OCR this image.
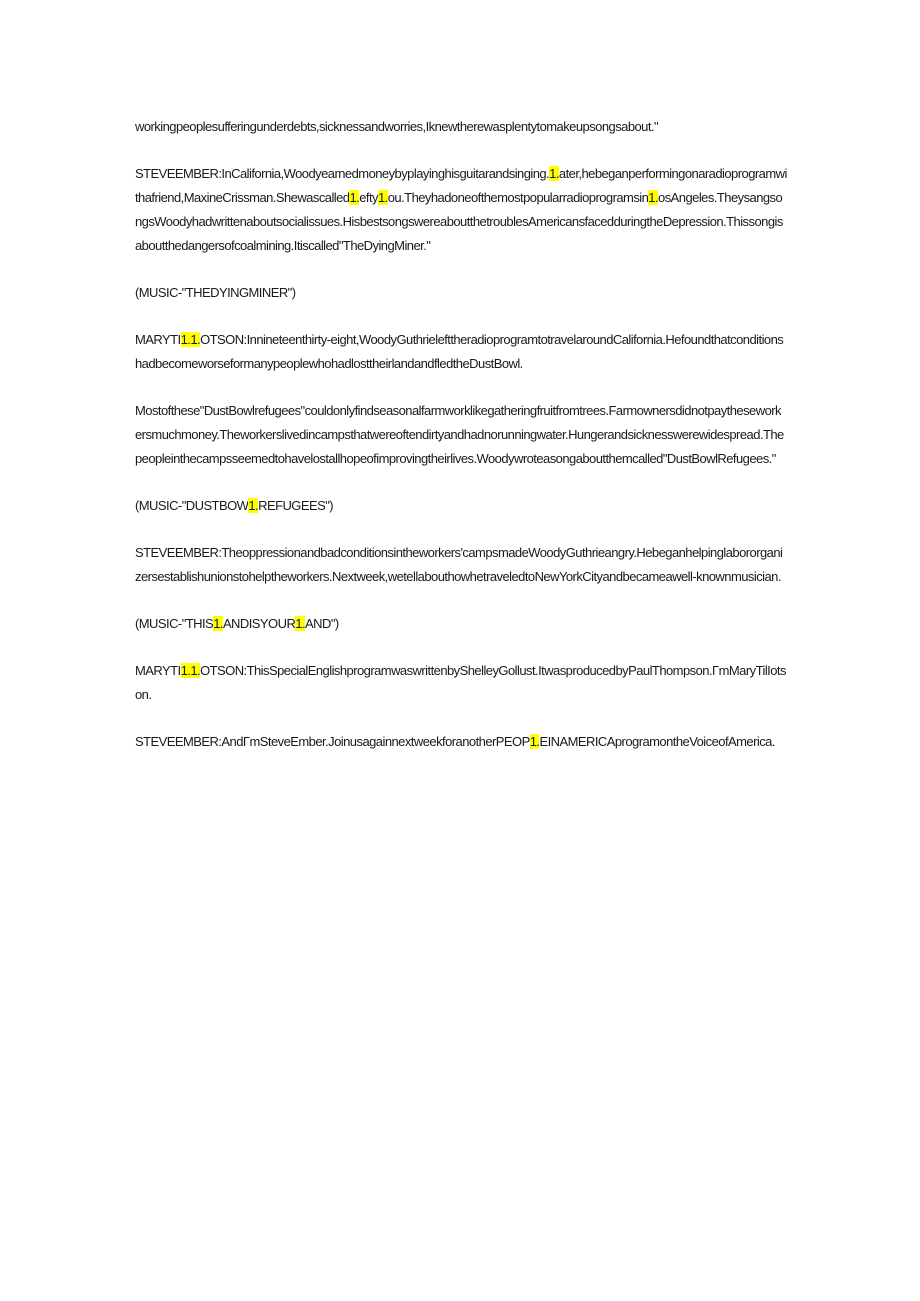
workingpeoplesufferingunderdebts,sicknessandworries,Iknewtherewasplentytomakeupsongsabout."

STEVEEMBER:InCalifornia,Woodyearnedmoneybyplayinghisguitarandsinging.1.ater,hebeganperformingonaradioprogramwithafriend,MaxineCrissman.Shewascalled1.efty1.ou.Theyhadoneofthemostpopularradioprogramsin1.osAngeles.TheysangsongsWoodyhadwrittenaboutsocialissues.HisbestsongswereaboutthetroublesAmericansfacedduringtheDepression.Thissongisaboutthedangersofcoalmining.Itiscalled"TheDyingMiner."

(MUSIC-"THEDYINGMINER")

MARYTI1.1.OTSON:Innineteenthirty-eight,WoodyGuthrielefttheradioprogramtotravelaroundCalifornia.HefoundthatconditionshadbecomeworseformanypeoplewhohadlosttheirlandandfledtheDustBowl.

Mostofthese"DustBowlrefugees"couldonlyfindseasonalfarmworklikegatheringfruitfromtrees.Farmownersdidnotpaytheseworkersmuchmoney.Theworkerslivedincampsthatwereoftendirtyandhadnorunningwater.Hungerandsicknesswerewidespread.Thepeopleinthecampsseemedtohavelostallhopeofimprovingtheirlives.Woodywroteasongaboutthemcalled"DustBowlRefugees."

(MUSIC-"DUSTBOW1.REFUGEES")

STEVEEMBER:Theoppressionandbadconditionsintheworkers'campsmadeWoodyGuthrieangry.Hebeganhelpinglabororganizersestablishunionstohelptheworkers.Nextweek,wetellabouthowhetraveledtoNewYorkCityandbecameawell-knownmusician.

(MUSIC-"THIS1.ANDISYOUR1.AND")

MARYTI1.1.OTSON:ThisSpecialEnglishprogramwaswrittenbyShelleyGollust.ItwasproducedbyPaulThompson.ΓmMaryTilIotson.

STEVEEMBER:AndΓmSteveEmber.JoinusagainnextweekforanotherPEOP1.EINAMERICAprogramontheVoiceofAmerica.
